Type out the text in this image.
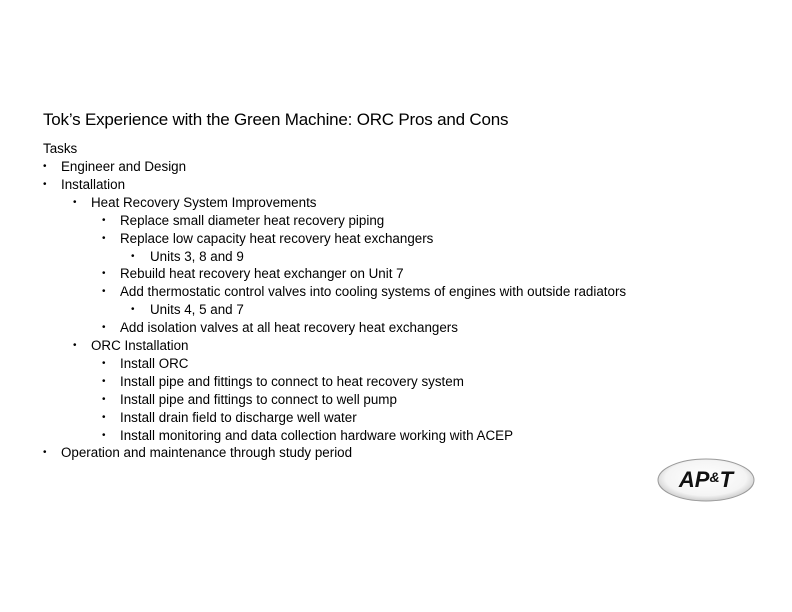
Tok’s Experience with the Green Machine: ORC Pros and Cons
Tasks
• Engineer and Design
• Installation
• Heat Recovery System Improvements
• Replace small diameter heat recovery piping
• Replace low capacity heat recovery heat exchangers
• Units 3, 8 and 9
• Rebuild heat recovery heat exchanger on Unit 7
• Add thermostatic control valves into cooling systems of engines with outside radiators
• Units 4, 5 and 7
• Add isolation valves at all heat recovery heat exchangers
• ORC Installation
• Install ORC
• Install pipe and fittings to connect to heat recovery system
• Install pipe and fittings to connect to well pump
• Install drain field to discharge well water
• Install monitoring and data collection hardware working with ACEP
• Operation and maintenance through study period
AP&T
